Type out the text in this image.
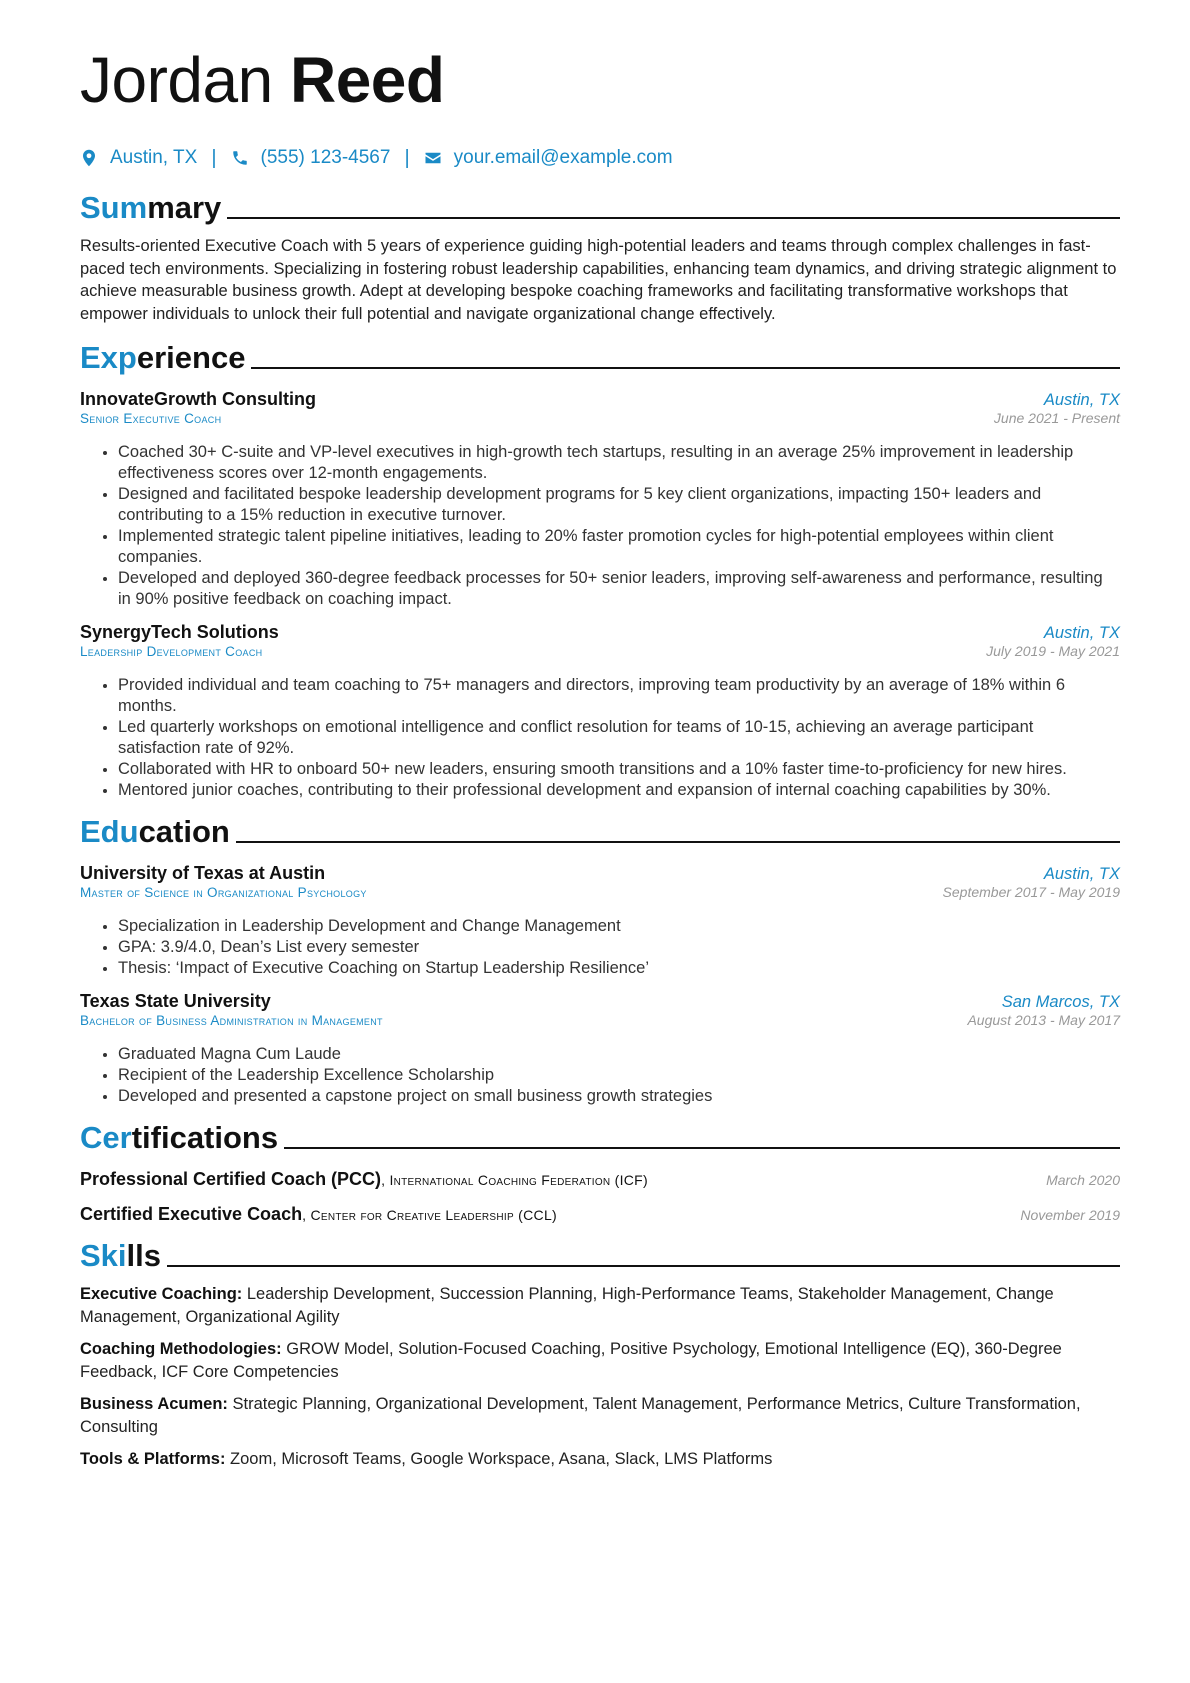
Jordan Reed
Austin, TX | (555) 123-4567 | your.email@example.com
Summary

Results-oriented Executive Coach with 5 years of experience guiding high-potential leaders and teams through complex challenges in fast-paced tech environments. Specializing in fostering robust leadership capabilities, enhancing team dynamics, and driving strategic alignment to achieve measurable business growth. Adept at developing bespoke coaching frameworks and facilitating transformative workshops that empower individuals to unlock their full potential and navigate organizational change effectively.

Experience
InnovateGrowth Consulting	Austin, TX
Senior Executive Coach	June 2021 - Present
• Coached 30+ C-suite and VP-level executives in high-growth tech startups, resulting in an average 25% improvement in leadership effectiveness scores over 12-month engagements.
• Designed and facilitated bespoke leadership development programs for 5 key client organizations, impacting 150+ leaders and contributing to a 15% reduction in executive turnover.
• Implemented strategic talent pipeline initiatives, leading to 20% faster promotion cycles for high-potential employees within client companies.
• Developed and deployed 360-degree feedback processes for 50+ senior leaders, improving self-awareness and performance, resulting in 90% positive feedback on coaching impact.
SynergyTech Solutions	Austin, TX
Leadership Development Coach	July 2019 - May 2021
• Provided individual and team coaching to 75+ managers and directors, improving team productivity by an average of 18% within 6 months.
• Led quarterly workshops on emotional intelligence and conflict resolution for teams of 10-15, achieving an average participant satisfaction rate of 92%.
• Collaborated with HR to onboard 50+ new leaders, ensuring smooth transitions and a 10% faster time-to-proficiency for new hires.
• Mentored junior coaches, contributing to their professional development and expansion of internal coaching capabilities by 30%.
Education
University of Texas at Austin	Austin, TX
Master of Science in Organizational Psychology	September 2017 - May 2019
• Specialization in Leadership Development and Change Management
• GPA: 3.9/4.0, Dean’s List every semester
• Thesis: ‘Impact of Executive Coaching on Startup Leadership Resilience’
Texas State University	San Marcos, TX
Bachelor of Business Administration in Management	August 2013 - May 2017
• Graduated Magna Cum Laude
• Recipient of the Leadership Excellence Scholarship
• Developed and presented a capstone project on small business growth strategies
Certifications
Professional Certified Coach (PCC), International Coaching Federation (ICF)	March 2020
Certified Executive Coach, Center for Creative Leadership (CCL)	November 2019
Skills
Executive Coaching: Leadership Development, Succession Planning, High-Performance Teams, Stakeholder Management, Change Management, Organizational Agility
Coaching Methodologies: GROW Model, Solution-Focused Coaching, Positive Psychology, Emotional Intelligence (EQ), 360-Degree Feedback, ICF Core Competencies
Business Acumen: Strategic Planning, Organizational Development, Talent Management, Performance Metrics, Culture Transformation, Consulting
Tools & Platforms: Zoom, Microsoft Teams, Google Workspace, Asana, Slack, LMS Platforms
